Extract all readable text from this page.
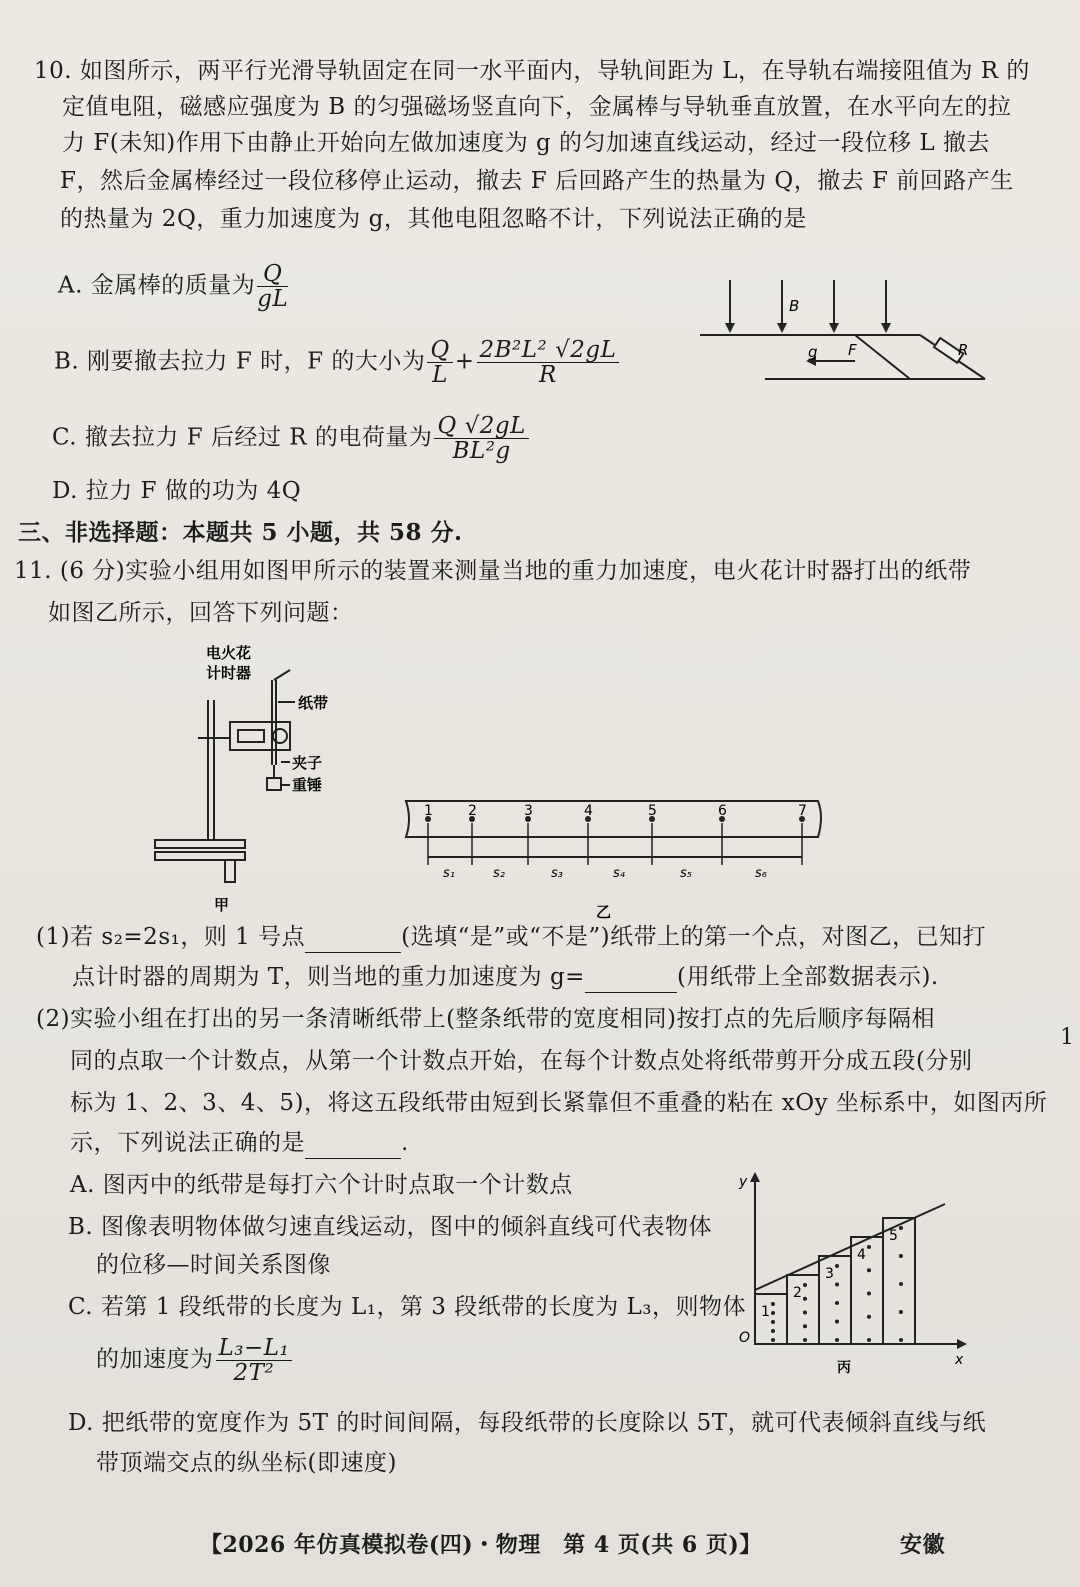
10. 如图所示，两平行光滑导轨固定在同一水平面内，导轨间距为 L，在导轨右端接阻值为 R 的
定值电阻，磁感应强度为 B 的匀强磁场竖直向下，金属棒与导轨垂直放置，在水平向左的拉
力 F(未知)作用下由静止开始向左做加速度为 g 的匀加速直线运动，经过一段位移 L 撤去
F，然后金属棒经过一段位移停止运动，撤去 F 后回路产生的热量为 Q，撤去 F 前回路产生
的热量为 2Q，重力加速度为 g，其他电阻忽略不计，下列说法正确的是
A. 金属棒的质量为 $\frac{Q}{gL}$
B. 刚要撤去拉力 F 时，F 的大小为 $\frac{Q}{L} + \frac{\text{2B²L² √2gL}}{R}$
C. 撤去拉力 F 后经过 R 的电荷量为 $\frac{Q √2gL}{\text{BL²g}}$
D. 拉力 F 做的功为 4Q
B
g F	R
三、非选择题：本题共 5 小题，共 58 分.
11. (6 分)实验小组用如图甲所示的装置来测量当地的重力加速度，电火花计时器打出的纸带
如图乙所示，回答下列问题：
电火花
计时器
纸带
夹子
重锤
甲
1	2	3	4	5	6	7
s₁	s₂	s₃	s₄	s₅	s₆
乙
(1)若 s₂=2s₁，则 1 号点	(选填“是”或“不是”)纸带上的第一个点，对图乙，已知打
点计时器的周期为 T，则当地的重力加速度为 g=	(用纸带上全部数据表示).
(2)实验小组在打出的另一条清晰纸带上(整条纸带的宽度相同)按打点的先后顺序每隔相
同的点取一个计数点，从第一个计数点开始，在每个计数点处将纸带剪开分成五段(分别
标为 1、2、3、4、5)，将这五段纸带由短到长紧靠但不重叠的粘在 xOy 坐标系中，如图丙所
示，下列说法正确的是	.
A. 图丙中的纸带是每打六个计时点取一个计数点
B. 图像表明物体做匀速直线运动，图中的倾斜直线可代表物体
的位移—时间关系图像
C. 若第 1 段纸带的长度为 L₁，第 3 段纸带的长度为 L₃，则物体
的加速度为 $\frac{\text{L₃−L₁}}{\text{2T²}}$
D. 把纸带的宽度作为 5T 的时间间隔，每段纸带的长度除以 5T，就可代表倾斜直线与纸
带顶端交点的纵坐标(即速度)
1
2
3
4
5
y
x
O
丙
1
【2026 年仿真模拟卷(四)・物理　第 4 页(共 6 页)】	安徽
